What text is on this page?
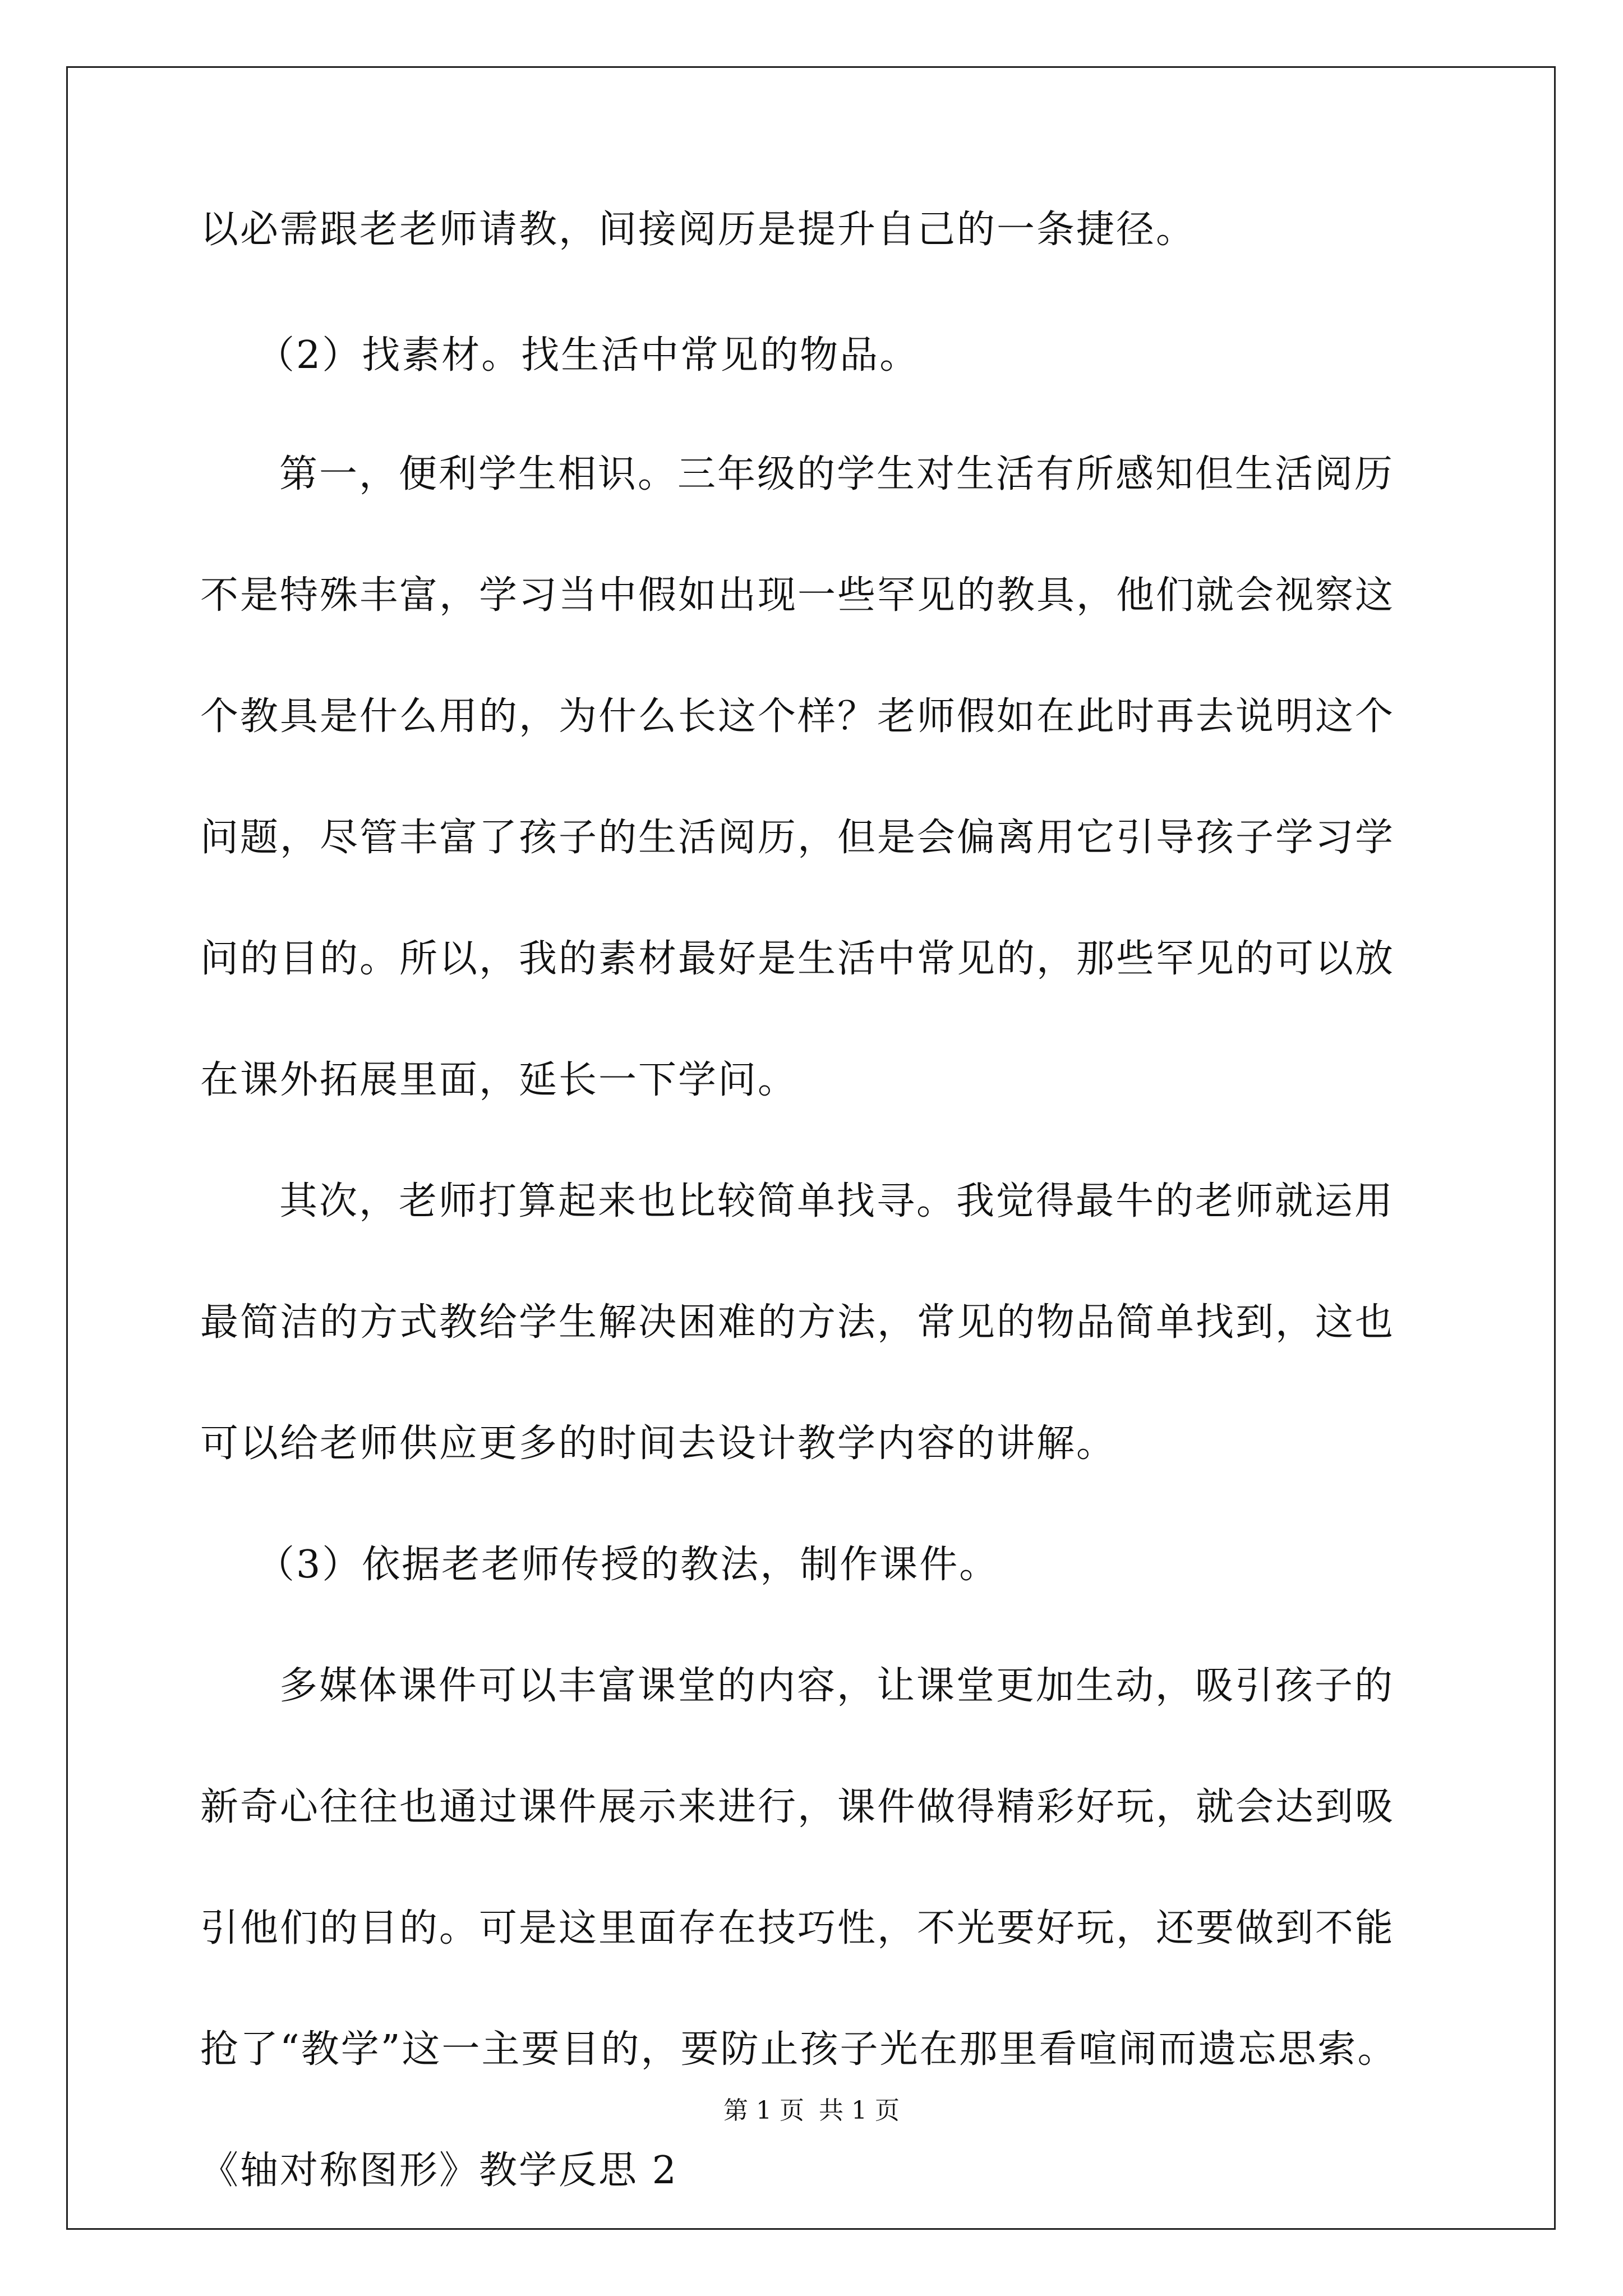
以必需跟老老师请教，间接阅历是提升自己的一条捷径。
（2）找素材。找生活中常见的物品。
第一，便利学生相识。三年级的学生对生活有所感知但生活阅历
不是特殊丰富，学习当中假如出现一些罕见的教具，他们就会视察这
个教具是什么用的，为什么长这个样？老师假如在此时再去说明这个
问题，尽管丰富了孩子的生活阅历，但是会偏离用它引导孩子学习学
问的目的。所以，我的素材最好是生活中常见的，那些罕见的可以放
在课外拓展里面，延长一下学问。
其次，老师打算起来也比较简单找寻。我觉得最牛的老师就运用
最简洁的方式教给学生解决困难的方法，常见的物品简单找到，这也
可以给老师供应更多的时间去设计教学内容的讲解。
（3）依据老老师传授的教法，制作课件。
多媒体课件可以丰富课堂的内容，让课堂更加生动，吸引孩子的
新奇心往往也通过课件展示来进行，课件做得精彩好玩，就会达到吸
引他们的目的。可是这里面存在技巧性，不光要好玩，还要做到不能
抢了“教学”这一主要目的，要防止孩子光在那里看喧闹而遗忘思索。
《轴对称图形》教学反思 2
第 1 页 共 1 页
